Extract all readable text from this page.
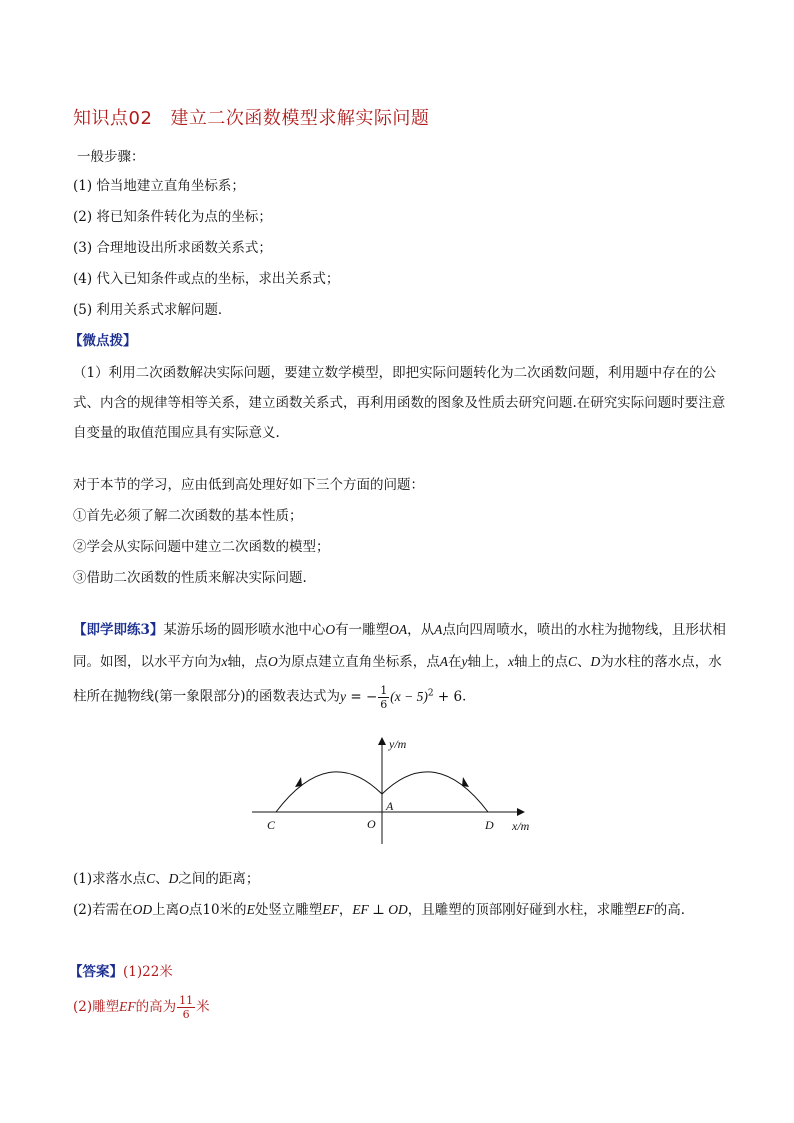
知识点02 建立二次函数模型求解实际问题
一般步骤：
(1) 恰当地建立直角坐标系；
(2) 将已知条件转化为点的坐标；
(3) 合理地设出所求函数关系式；
(4) 代入已知条件或点的坐标，求出关系式；
(5) 利用关系式求解问题．
【微点拨】
（1）利用二次函数解决实际问题，要建立数学模型，即把实际问题转化为二次函数问题，利用题中存在的公式、内含的规律等相等关系，建立函数关系式，再利用函数的图象及性质去研究问题.在研究实际问题时要注意自变量的取值范围应具有实际意义.
对于本节的学习，应由低到高处理好如下三个方面的问题：
①首先必须了解二次函数的基本性质；
②学会从实际问题中建立二次函数的模型；
③借助二次函数的性质来解决实际问题.
【即学即练3】某游乐场的圆形喷水池中心O有一雕塑OA，从A点向四周喷水，喷出的水柱为抛物线，且形状相同。如图，以水平方向为x轴，点O为原点建立直角坐标系，点A在y轴上，x轴上的点C、D为水柱的落水点，水柱所在抛物线(第一象限部分)的函数表达式为y = − $\frac{1}{6} (x - 5)^2 + 6$．
y/m
x/m
A
O
C	D
(1)求落水点C、D之间的距离；
(2)若需在OD上离O点10米的E处竖立雕塑EF，EF ⊥ OD，且雕塑的顶部刚好碰到水柱，求雕塑EF的高．
【答案】(1)22米
(2)雕塑EF的高为 $\frac{11}{6}$ 米
